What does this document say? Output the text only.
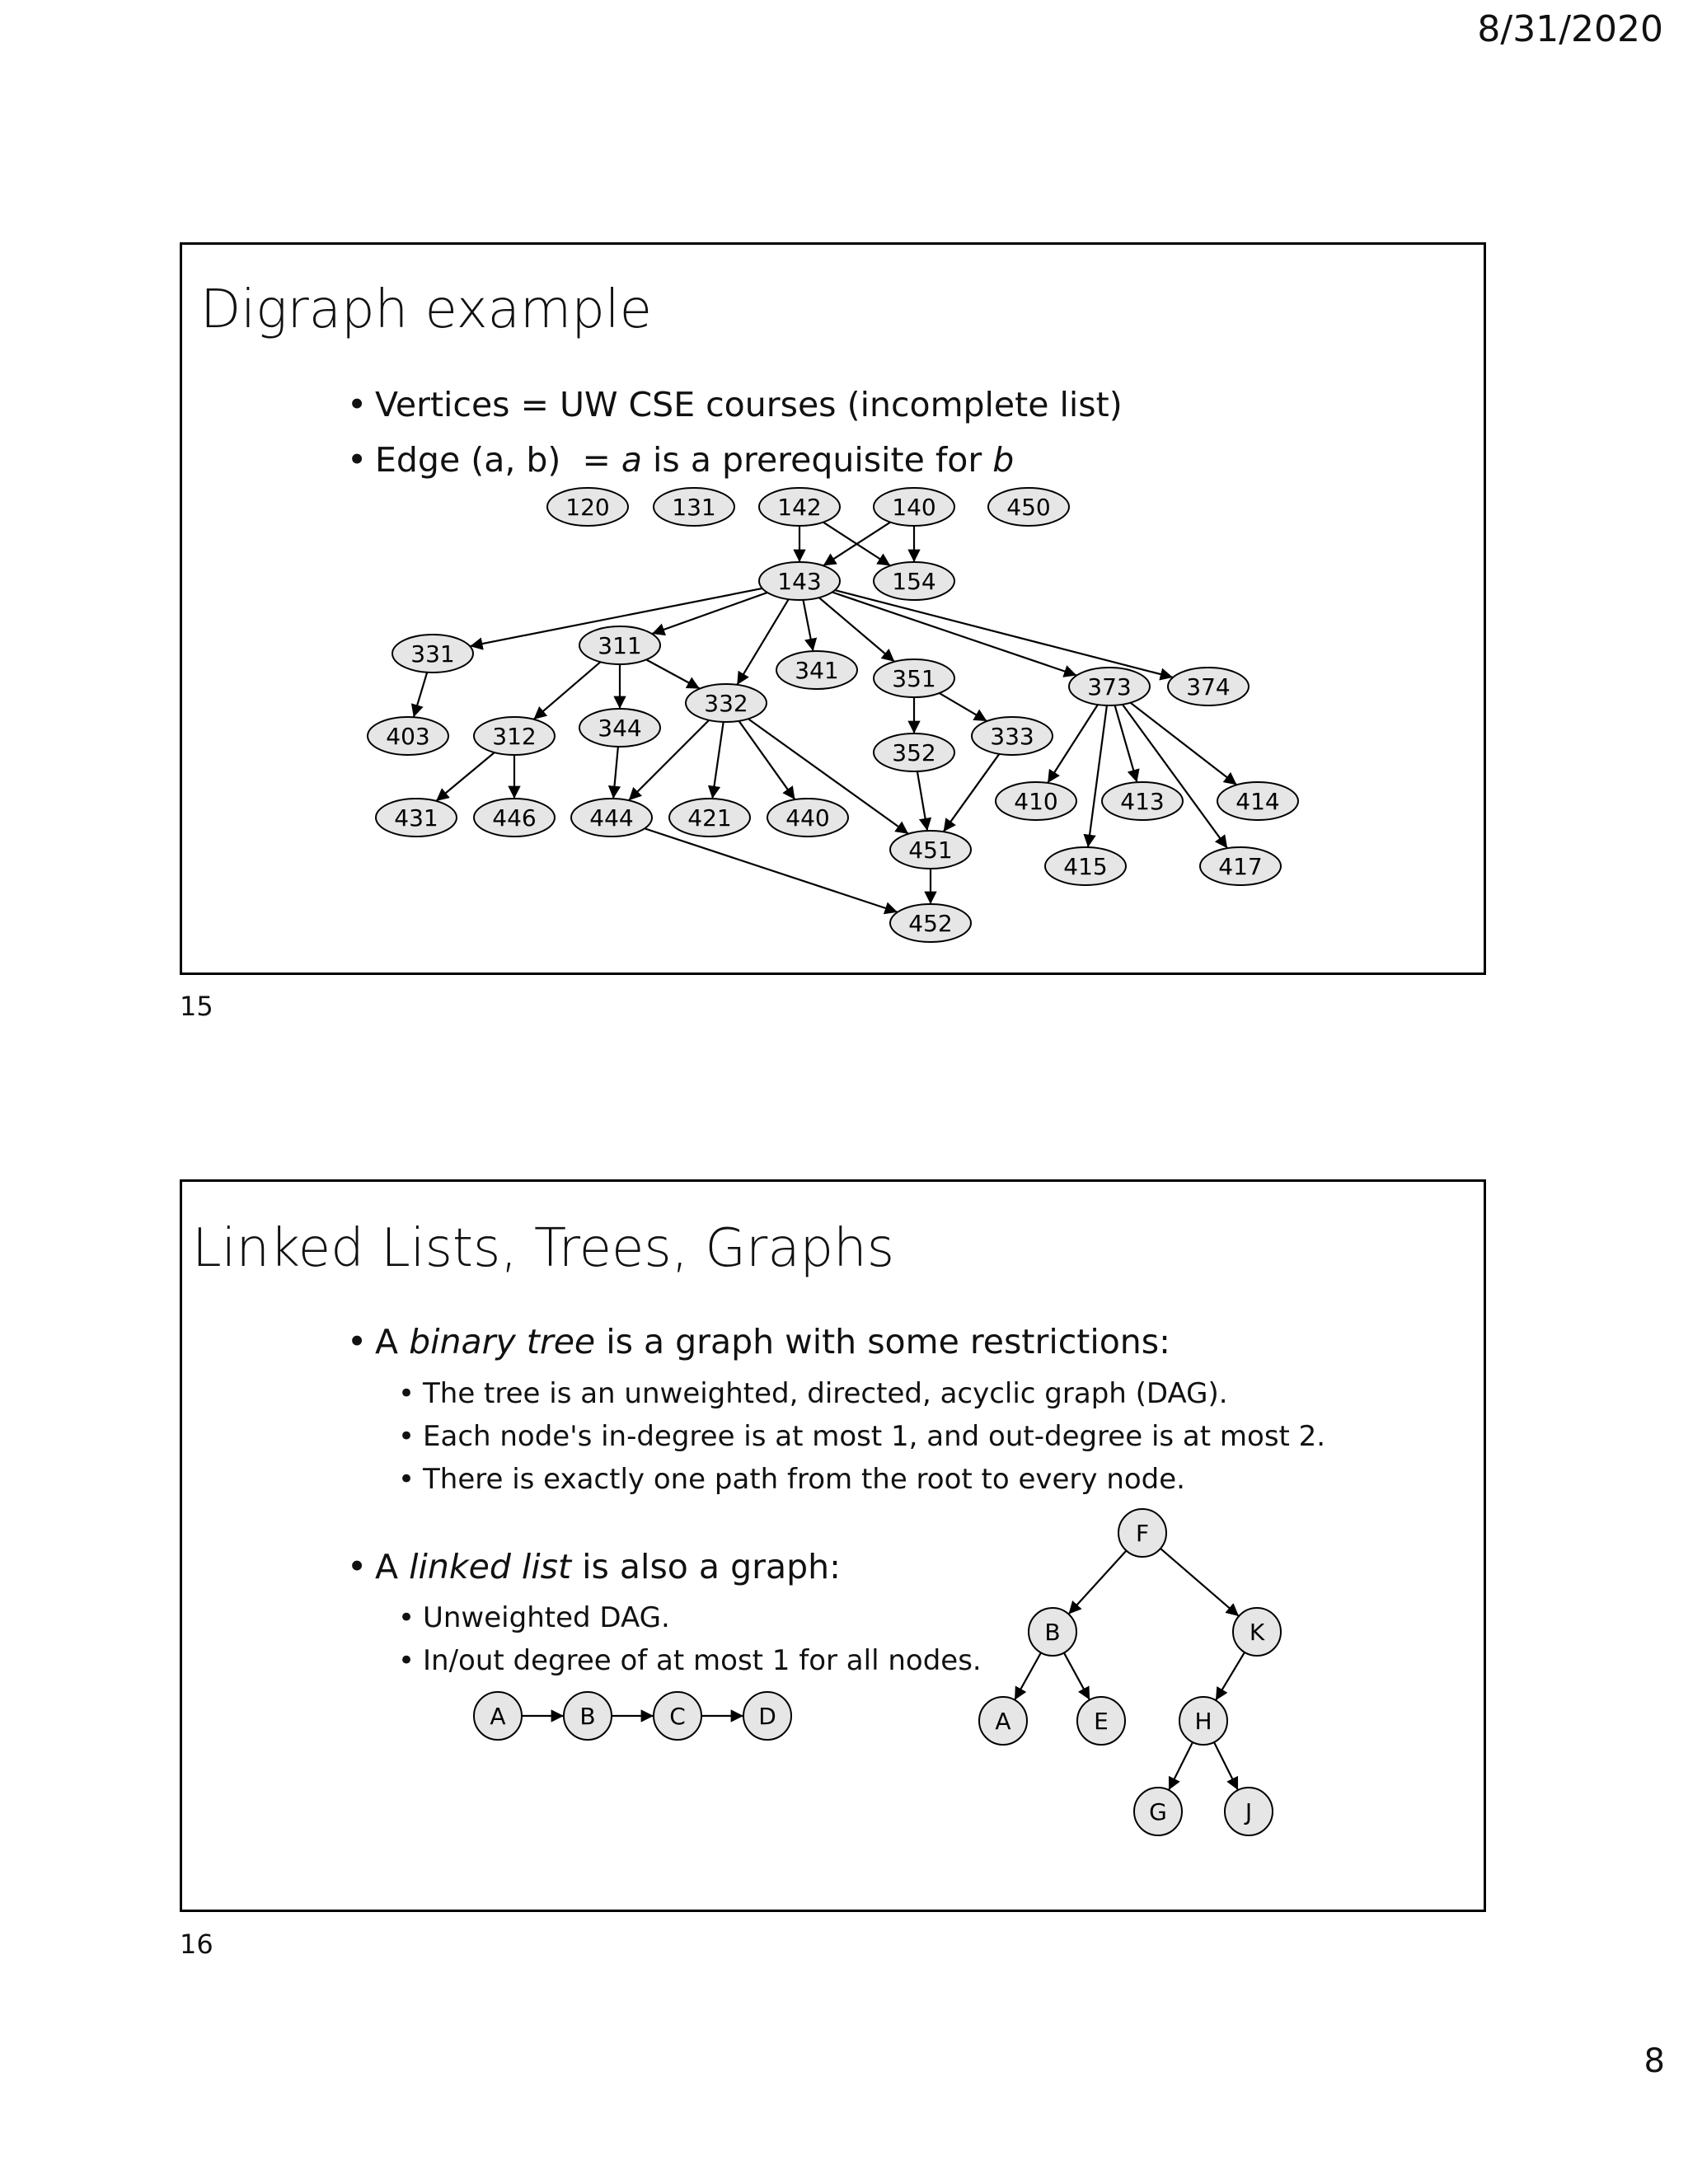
8/31/2020
Digraph example
• Vertices = UW CSE courses (incomplete list)
• Edge (a, b)  = a is a prerequisite for b
120	131	142	140	450
143	154
331	311
341 351	373 374
332
403	312	344
352
333
410	413	414
431 446 444 421 440
451
415	417
452
15
Linked Lists, Trees, Graphs
• A binary tree is a graph with some restrictions:
• The tree is an unweighted, directed, acyclic graph (DAG).
• Each node's in-degree is at most 1, and out-degree is at most 2.
• There is exactly one path from the root to every node.
• A linked list is also a graph:
• Unweighted DAG.
• In/out degree of at most 1 for all nodes.
A	B	C	D
F
B	K
A	E	H
G	J
16
8
